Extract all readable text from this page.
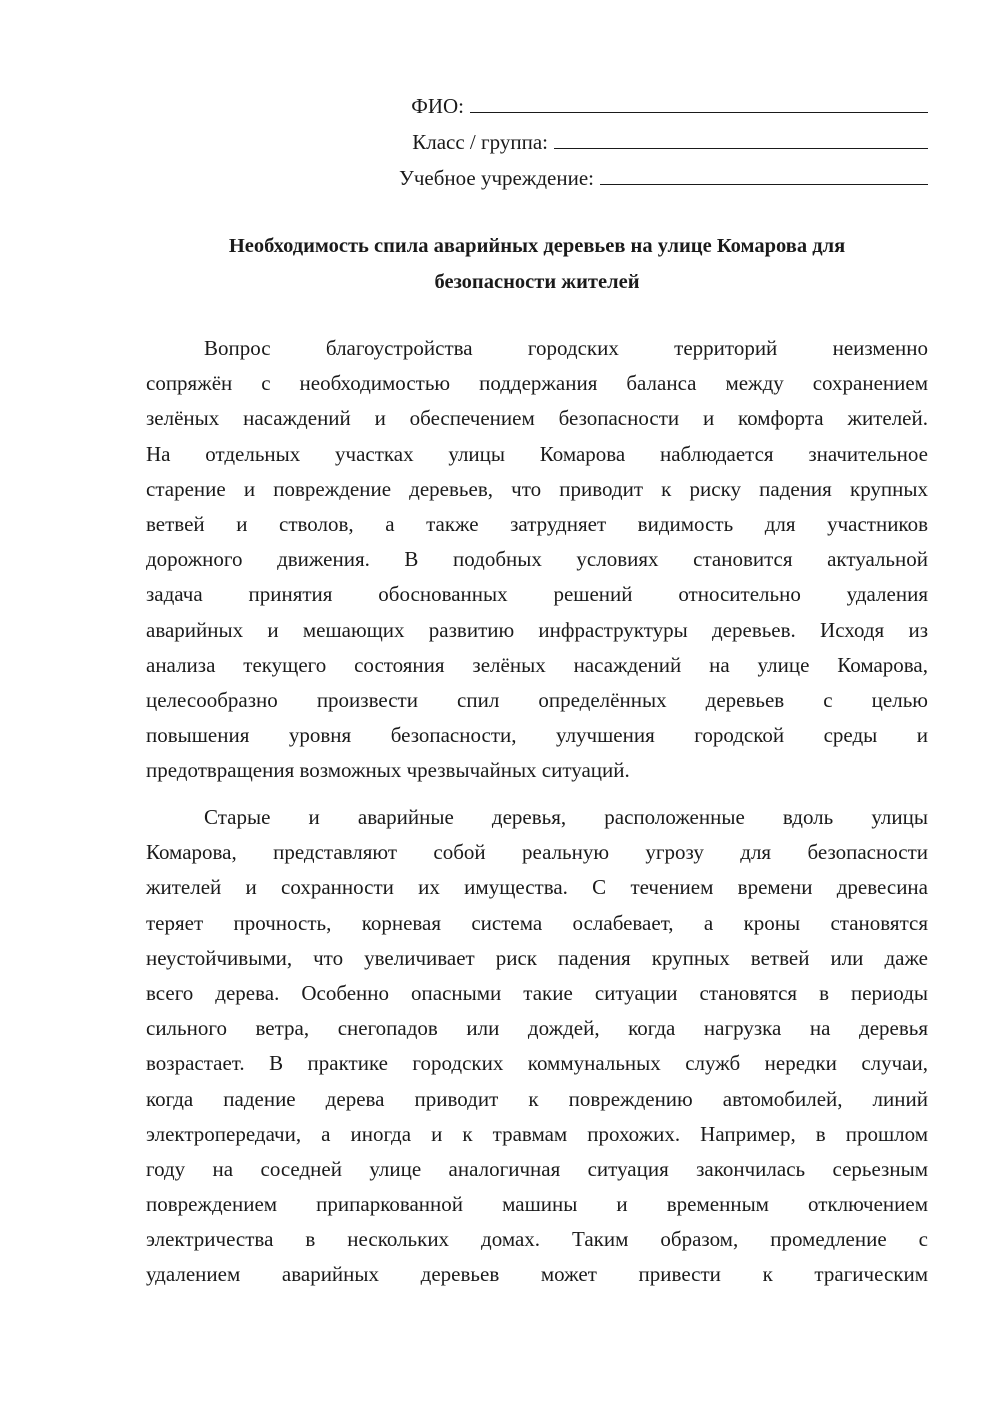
ФИО:
Класс / группа:
Учебное учреждение:
Необходимость спила аварийных деревьев на улице Комарова для
безопасности жителей
Вопрос благоустройства городских территорий неизменно
сопряжён с необходимостью поддержания баланса между сохранением
зелёных насаждений и обеспечением безопасности и комфорта жителей.
На отдельных участках улицы Комарова наблюдается значительное
старение и повреждение деревьев, что приводит к риску падения крупных
ветвей и стволов, а также затрудняет видимость для участников
дорожного движения. В подобных условиях становится актуальной
задача принятия обоснованных решений относительно удаления
аварийных и мешающих развитию инфраструктуры деревьев. Исходя из
анализа текущего состояния зелёных насаждений на улице Комарова,
целесообразно произвести спил определённых деревьев с целью
повышения уровня безопасности, улучшения городской среды и
предотвращения возможных чрезвычайных ситуаций.
Старые и аварийные деревья, расположенные вдоль улицы
Комарова, представляют собой реальную угрозу для безопасности
жителей и сохранности их имущества. С течением времени древесина
теряет прочность, корневая система ослабевает, а кроны становятся
неустойчивыми, что увеличивает риск падения крупных ветвей или даже
всего дерева. Особенно опасными такие ситуации становятся в периоды
сильного ветра, снегопадов или дождей, когда нагрузка на деревья
возрастает. В практике городских коммунальных служб нередки случаи,
когда падение дерева приводит к повреждению автомобилей, линий
электропередачи, а иногда и к травмам прохожих. Например, в прошлом
году на соседней улице аналогичная ситуация закончилась серьезным
повреждением припаркованной машины и временным отключением
электричества в нескольких домах. Таким образом, промедление с
удалением аварийных деревьев может привести к трагическим
